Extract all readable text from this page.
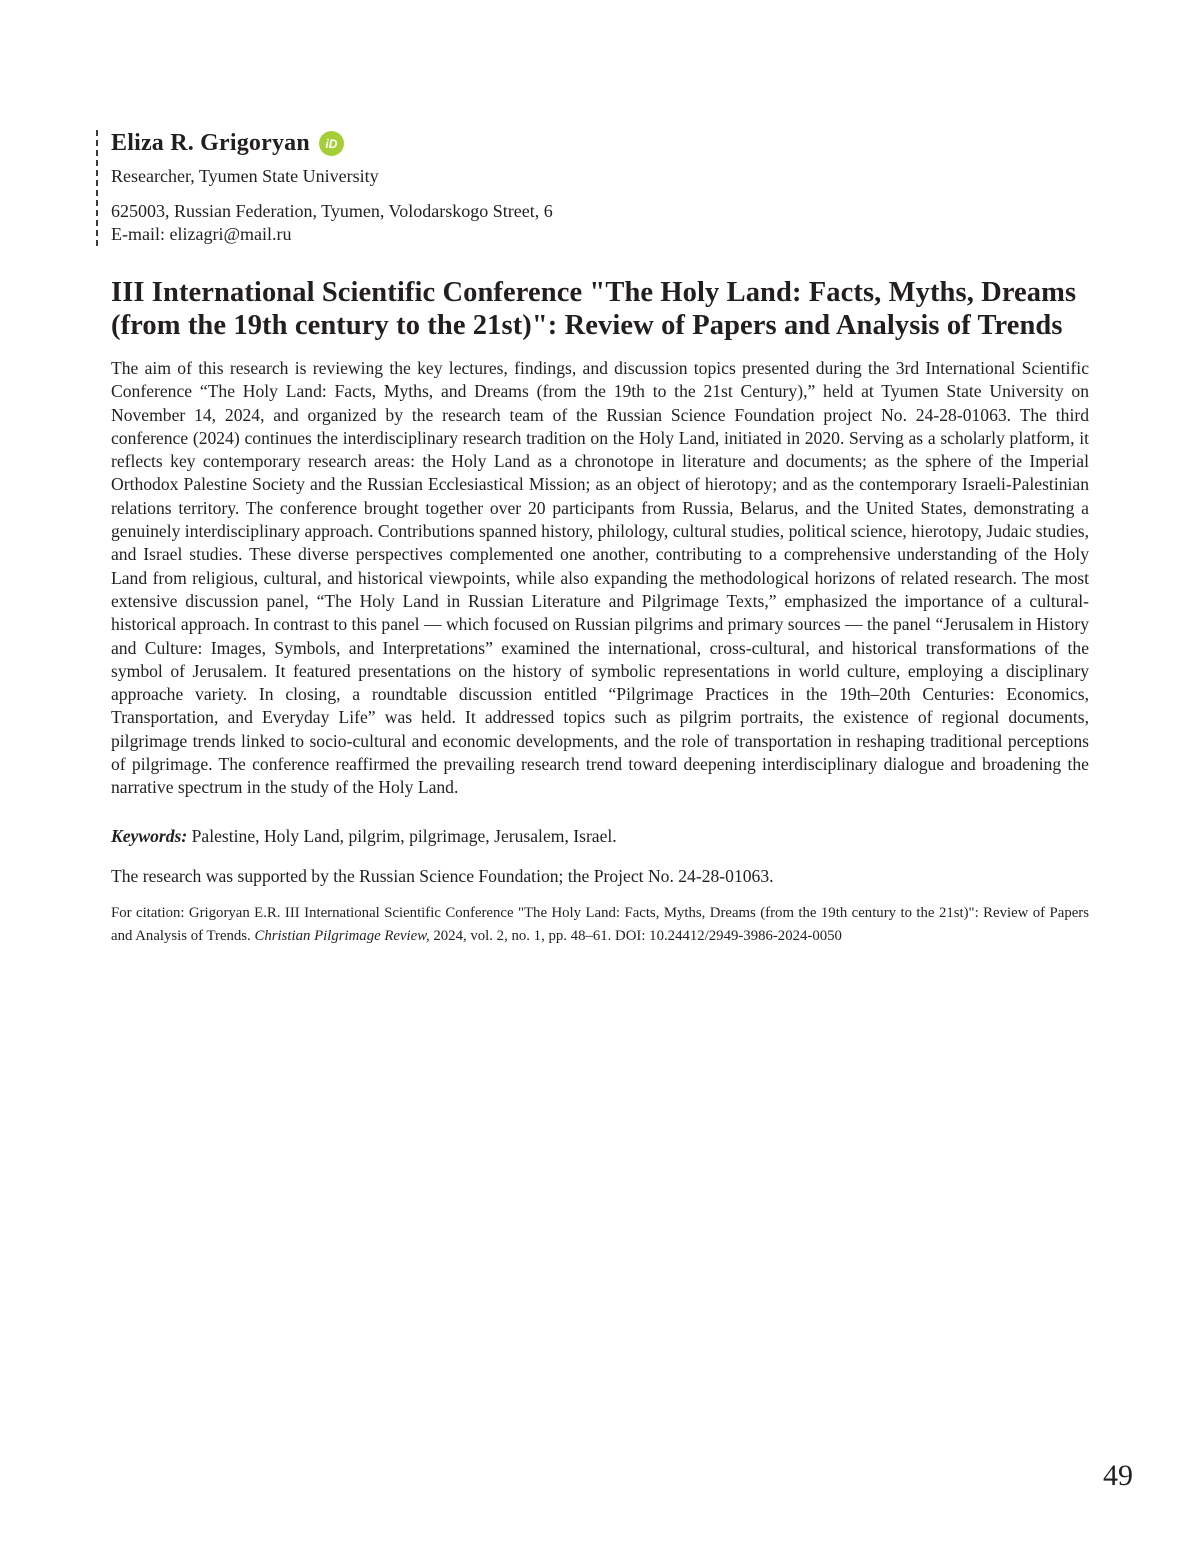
Eliza R. Grigoryan	iD
Researcher, Tyumen State University
625003, Russian Federation, Tyumen, Volodarskogo Street, 6
E-mail: elizagri@mail.ru
III International Scientific Conference "The Holy Land: Facts, Myths, Dreams (from the 19th century to the 21st)": Review of Papers and Analysis of Trends

The aim of this research is reviewing the key lectures, findings, and discussion topics presented during the 3rd International Scientific Conference “The Holy Land: Facts, Myths, and Dreams (from the 19th to the 21st Century),” held at Tyumen State University on November 14, 2024, and organized by the research team of the Russian Science Foundation project No. 24-28-01063. The third conference (2024) continues the interdisciplinary research tradition on the Holy Land, initiated in 2020. Serving as a scholarly platform, it reflects key contemporary research areas: the Holy Land as a chronotope in literature and documents; as the sphere of the Imperial Orthodox Palestine Society and the Russian Ecclesiastical Mission; as an object of hierotopy; and as the contemporary Israeli-Palestinian relations territory. The conference brought together over 20 participants from Russia, Belarus, and the United States, demonstrating a genuinely interdisciplinary approach. Contributions spanned history, philology, cultural studies, political science, hierotopy, Judaic studies, and Israel studies. These diverse perspectives complemented one another, contributing to a comprehensive understanding of the Holy Land from religious, cultural, and historical viewpoints, while also expanding the methodological horizons of related research. The most extensive discussion panel, “The Holy Land in Russian Literature and Pilgrimage Texts,” emphasized the importance of a cultural-historical approach. In contrast to this panel — which focused on Russian pilgrims and primary sources — the panel “Jerusalem in History and Culture: Images, Symbols, and Interpretations” examined the international, cross-cultural, and historical transformations of the symbol of Jerusalem. It featured presentations on the history of symbolic representations in world culture, employing a disciplinary approache variety. In closing, a roundtable discussion entitled “Pilgrimage Practices in the 19th–20th Centuries: Economics, Transportation, and Everyday Life” was held. It addressed topics such as pilgrim portraits, the existence of regional documents, pilgrimage trends linked to socio-cultural and economic developments, and the role of transportation in reshaping traditional perceptions of pilgrimage. The conference reaffirmed the prevailing research trend toward deepening interdisciplinary dialogue and broadening the narrative spectrum in the study of the Holy Land.

Keywords: Palestine, Holy Land, pilgrim, pilgrimage, Jerusalem, Israel.

The research was supported by the Russian Science Foundation; the Project No. 24-28-01063.

For citation: Grigoryan E.R. III International Scientific Conference "The Holy Land: Facts, Myths, Dreams (from the 19th century to the 21st)": Review of Papers and Analysis of Trends. Christian Pilgrimage Review, 2024, vol. 2, no. 1, pp. 48–61. DOI: 10.24412/2949-3986-2024-0050

49
